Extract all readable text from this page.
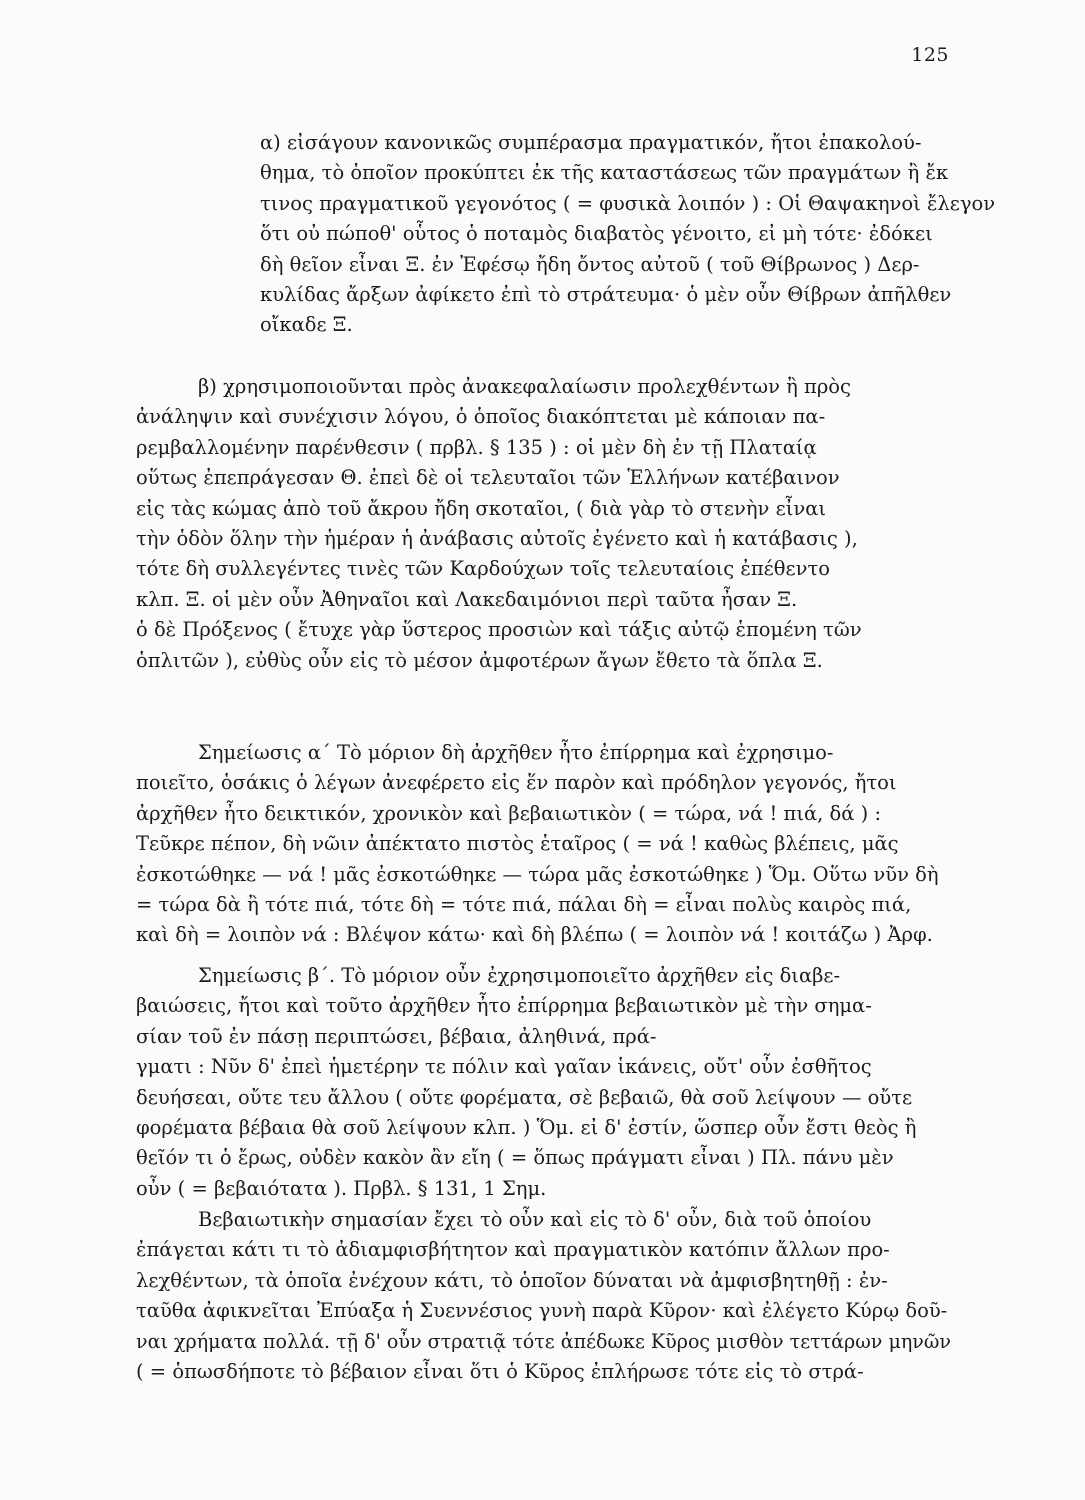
125
α) εἰσάγουν κανονικῶς συμπέρασμα πραγματικόν, ἤτοι ἐπακολού-
θημα, τὸ ὁποῖον προκύπτει ἐκ τῆς καταστάσεως τῶν πραγμάτων ἢ ἔκ
τινος πραγματικοῦ γεγονότος ( = φυσικὰ λοιπόν ) : Οἱ Θαψακηνοὶ ἔλεγον
ὅτι οὐ πώποθ' οὗτος ὁ ποταμὸς διαβατὸς γένοιτο, εἰ μὴ τότε· ἐδόκει
δὴ θεῖον εἶναι Ξ. ἐν Ἐφέσῳ ἤδη ὄντος αὐτοῦ ( τοῦ Θίβρωνος ) Δερ-
κυλίδας ἄρξων ἀφίκετο ἐπὶ τὸ στράτευμα· ὁ μὲν οὖν Θίβρων ἀπῆλθεν
οἴκαδε Ξ.
β) χρησιμοποιοῦνται πρὸς ἀνακεφαλαίωσιν προλεχθέντων ἢ πρὸς
ἀνάληψιν καὶ συνέχισιν λόγου, ὁ ὁποῖος διακόπτεται μὲ κάποιαν πα-
ρεμβαλλομένην παρένθεσιν ( πρβλ. § 135 ) : οἱ μὲν δὴ ἐν τῇ Πλαταίᾳ
οὕτως ἐπεπράγεσαν Θ. ἐπεὶ δὲ οἱ τελευταῖοι τῶν Ἑλλήνων κατέβαινον
εἰς τὰς κώμας ἀπὸ τοῦ ἄκρου ἤδη σκοταῖοι, ( διὰ γὰρ τὸ στενὴν εἶναι
τὴν ὁδὸν ὅλην τὴν ἡμέραν ἡ ἀνάβασις αὐτοῖς ἐγένετο καὶ ἡ κατάβασις ),
τότε δὴ συλλεγέντες τινὲς τῶν Καρδούχων τοῖς τελευταίοις ἐπέθεντο
κλπ. Ξ. οἱ μὲν οὖν Ἀθηναῖοι καὶ Λακεδαιμόνιοι περὶ ταῦτα ἦσαν Ξ.
ὁ δὲ Πρόξενος ( ἔτυχε γὰρ ὕστερος προσιὼν καὶ τάξις αὐτῷ ἑπομένη τῶν
ὁπλιτῶν ), εὐθὺς οὖν εἰς τὸ μέσον ἀμφοτέρων ἄγων ἔθετο τὰ ὅπλα Ξ.
Σημείωσις α΄ Τὸ μόριον δὴ ἀρχῆθεν ἦτο ἐπίρρημα καὶ ἐχρησιμο-
ποιεῖτο, ὁσάκις ὁ λέγων ἀνεφέρετο εἰς ἕν παρὸν καὶ πρόδηλον γεγονός, ἤτοι
ἀρχῆθεν ἦτο δεικτικόν, χρονικὸν καὶ βεβαιωτικὸν ( = τώρα, νά ! πιά, δά ) :
Τεῦκρε πέπον, δὴ νῶιν ἀπέκτατο πιστὸς ἑταῖρος ( = νά ! καθὼς βλέπεις, μᾶς
ἐσκοτώθηκε — νά ! μᾶς ἐσκοτώθηκε — τώρα μᾶς ἐσκοτώθηκε ) Ὅμ. Οὕτω νῦν δὴ
= τώρα δὰ ἢ τότε πιά, τότε δὴ = τότε πιά, πάλαι δὴ = εἶναι πολὺς καιρὸς πιά,
καὶ δὴ = λοιπὸν νά : Βλέψον κάτω· καὶ δὴ βλέπω ( = λοιπὸν νά ! κοιτάζω ) Ἀρφ.
Σημείωσις β΄. Τὸ μόριον οὖν ἐχρησιμοποιεῖτο ἀρχῆθεν εἰς διαβε-
βαιώσεις, ἤτοι καὶ τοῦτο ἀρχῆθεν ἦτο ἐπίρρημα βεβαιωτικὸν μὲ τὴν σημα-
σίαν τοῦ ἐν πάσῃ περιπτώσει, βέβαια, ἀληθινά, πρά-
γματι : Νῦν δ' ἐπεὶ ἡμετέρην τε πόλιν καὶ γαῖαν ἱκάνεις, οὔτ' οὖν ἐσθῆτος
δευήσεαι, οὔτε τευ ἄλλου ( οὔτε φορέματα, σὲ βεβαιῶ, θὰ σοῦ λείψουν — οὔτε
φορέματα βέβαια θὰ σοῦ λείψουν κλπ. ) Ὅμ. εἰ δ' ἐστίν, ὥσπερ οὖν ἔστι θεὸς ἢ
θεῖόν τι ὁ ἔρως, οὐδὲν κακὸν ἂν εἴη ( = ὅπως πράγματι εἶναι ) Πλ. πάνυ μὲν
οὖν ( = βεβαιότατα ). Πρβλ. § 131, 1 Σημ.
Βεβαιωτικὴν σημασίαν ἔχει τὸ οὖν καὶ εἰς τὸ δ' οὖν, διὰ τοῦ ὁποίου
ἐπάγεται κάτι τι τὸ ἀδιαμφισβήτητον καὶ πραγματικὸν κατόπιν ἄλλων προ-
λεχθέντων, τὰ ὁποῖα ἐνέχουν κάτι, τὸ ὁποῖον δύναται νὰ ἀμφισβητηθῇ : ἐν-
ταῦθα ἀφικνεῖται Ἐπύαξα ἡ Συεννέσιος γυνὴ παρὰ Κῦρον· καὶ ἐλέγετο Κύρῳ δοῦ-
ναι χρήματα πολλά. τῇ δ' οὖν στρατιᾷ τότε ἀπέδωκε Κῦρος μισθὸν τεττάρων μηνῶν
( = ὁπωσδήποτε τὸ βέβαιον εἶναι ὅτι ὁ Κῦρος ἐπλήρωσε τότε εἰς τὸ στρά-
